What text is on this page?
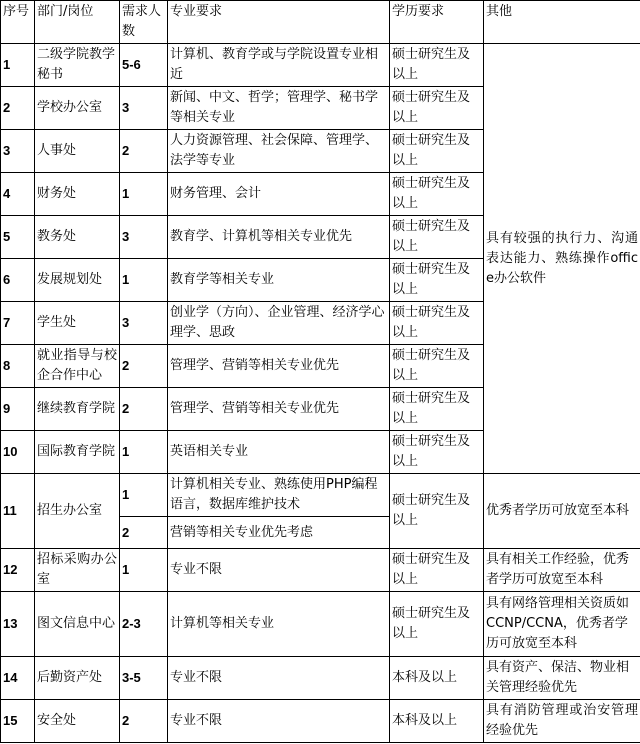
序号	部门/岗位	需求人数	专业要求	学历要求	其他
1	二级学院教学秘书	5-6	计算机、教育学或与学院设置专业相近	硕士研究生及以上	具有较强的执行力、沟通表达能力、熟练操作office办公软件
2	学校办公室	3	新闻、中文、哲学；管理学、秘书学等相关专业	硕士研究生及以上	
3	人事处	2	人力资源管理、社会保障、管理学、法学等专业	硕士研究生及以上	
4	财务处	1	财务管理、会计	硕士研究生及以上	
5	教务处	3	教育学、计算机等相关专业优先	硕士研究生及以上	
6	发展规划处	1	教育学等相关专业	硕士研究生及以上	
7	学生处	3	创业学（方向）、企业管理、经济学心理学、思政	硕士研究生及以上	
8	就业指导与校企合作中心	2	管理学、营销等相关专业优先	硕士研究生及以上	
9	继续教育学院	2	管理学、营销等相关专业优先	硕士研究生及以上	
10	国际教育学院	1	英语相关专业	硕士研究生及以上	
11	招生办公室	1	计算机相关专业、熟练使用PHP编程语言，数据库维护技术	硕士研究生及以上	优秀者学历可放宽至本科
		2	营销等相关专业优先考虑		
12	招标采购办公室	1	专业不限	硕士研究生及以上	具有相关工作经验，优秀者学历可放宽至本科
13	图文信息中心	2-3	计算机等相关专业	硕士研究生及以上	具有网络管理相关资质如CCNP/CCNA，优秀者学历可放宽至本科
14	后勤资产处	3-5	专业不限	本科及以上	具有资产、保洁、物业相关管理经验优先
15	安全处	2	专业不限	本科及以上	具有消防管理或治安管理经验优先
